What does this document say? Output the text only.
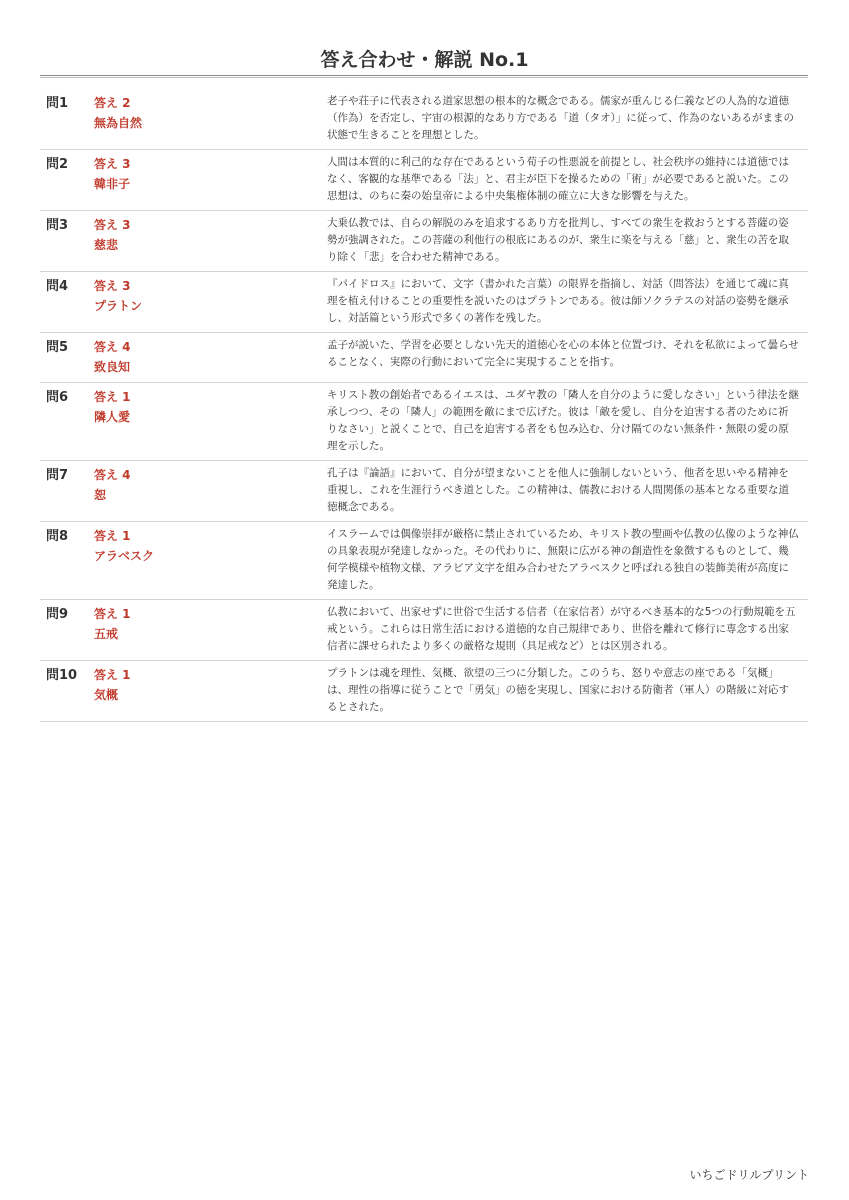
答え合わせ・解説 No.1
問1	答え 2
無為自然
老子や荘子に代表される道家思想の根本的な概念である。儒家が重んじる仁義などの人為的な道徳（作為）を否定し、宇宙の根源的なあり方である「道（タオ）」に従って、作為のないあるがままの状態で生きることを理想とした。
問2	答え 3
韓非子
人間は本質的に利己的な存在であるという荀子の性悪説を前提とし、社会秩序の維持には道徳ではなく、客観的な基準である「法」と、君主が臣下を操るための「術」が必要であると説いた。この思想は、のちに秦の始皇帝による中央集権体制の確立に大きな影響を与えた。
問3	答え 3
慈悲
大乗仏教では、自らの解脱のみを追求するあり方を批判し、すべての衆生を救おうとする菩薩の姿勢が強調された。この菩薩の利他行の根底にあるのが、衆生に楽を与える「慈」と、衆生の苦を取り除く「悲」を合わせた精神である。
問4	答え 3
プラトン
『パイドロス』において、文字（書かれた言葉）の限界を指摘し、対話（問答法）を通じて魂に真理を植え付けることの重要性を説いたのはプラトンである。彼は師ソクラテスの対話の姿勢を継承し、対話篇という形式で多くの著作を残した。
問5	答え 4
致良知
孟子が説いた、学習を必要としない先天的道徳心を心の本体と位置づけ、それを私欲によって曇らせることなく、実際の行動において完全に実現することを指す。
問6	答え 1
隣人愛
キリスト教の創始者であるイエスは、ユダヤ教の「隣人を自分のように愛しなさい」という律法を継承しつつ、その「隣人」の範囲を敵にまで広げた。彼は「敵を愛し、自分を迫害する者のために祈りなさい」と説くことで、自己を迫害する者をも包み込む、分け隔てのない無条件・無限の愛の原理を示した。
問7	答え 4
恕
孔子は『論語』において、自分が望まないことを他人に強制しないという、他者を思いやる精神を重視し、これを生涯行うべき道とした。この精神は、儒教における人間関係の基本となる重要な道徳概念である。
問8	答え 1
アラベスク
イスラームでは偶像崇拝が厳格に禁止されているため、キリスト教の聖画や仏教の仏像のような神仏の具象表現が発達しなかった。その代わりに、無限に広がる神の創造性を象徴するものとして、幾何学模様や植物文様、アラビア文字を組み合わせたアラベスクと呼ばれる独自の装飾美術が高度に発達した。
問9	答え 1
五戒
仏教において、出家せずに世俗で生活する信者（在家信者）が守るべき基本的な5つの行動規範を五戒という。これらは日常生活における道徳的な自己規律であり、世俗を離れて修行に専念する出家信者に課せられたより多くの厳格な規則（具足戒など）とは区別される。
問10	答え 1
気概
プラトンは魂を理性、気概、欲望の三つに分類した。このうち、怒りや意志の座である「気概」は、理性の指導に従うことで「勇気」の徳を実現し、国家における防衛者（軍人）の階級に対応するとされた。
いちごドリルプリント
